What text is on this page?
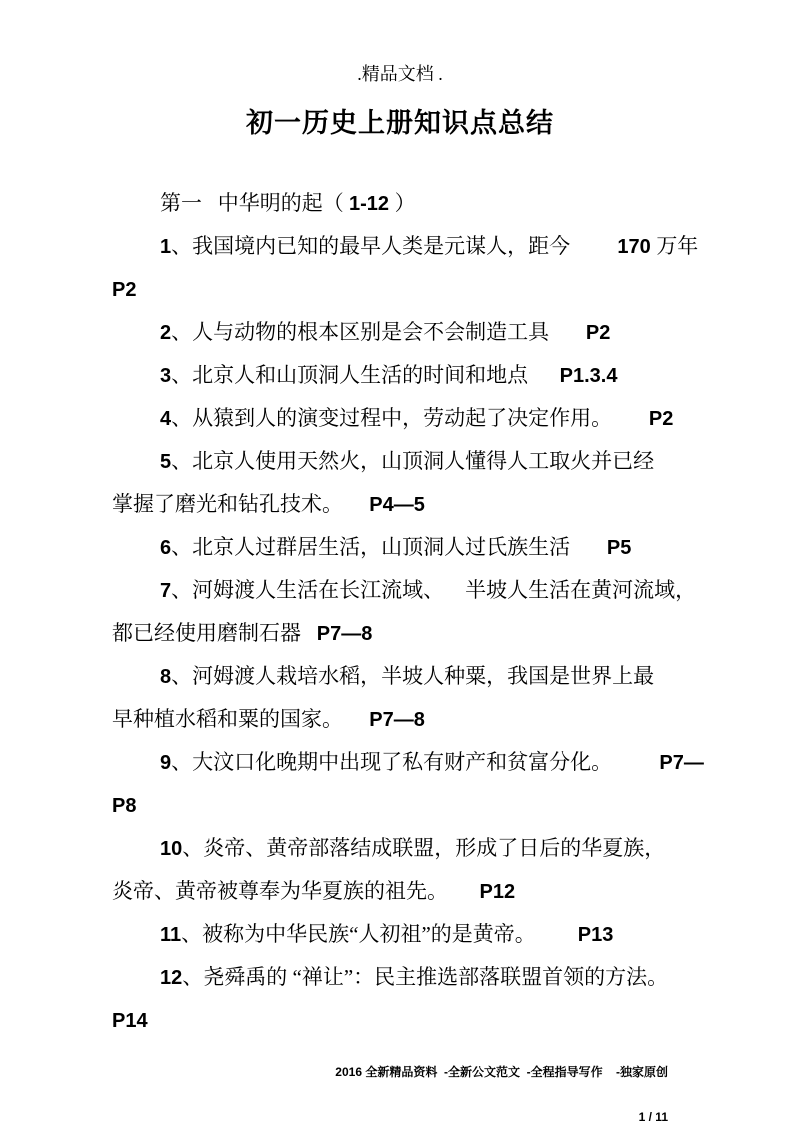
.精品文档 .
初一历史上册知识点总结
第一   中华明的起（ 1-12 ）
1、我国境内已知的最早人类是元谋人，距今         170 万年
P2
2、人与动物的根本区别是会不会制造工具       P2
3、北京人和山顶洞人生活的时间和地点      P1.3.4
4、从猿到人的演变过程中，劳动起了决定作用。       P2
5、北京人使用天然火，山顶洞人懂得人工取火并已经
掌握了磨光和钻孔技术。     P4—5
6、北京人过群居生活，山顶洞人过氏族生活       P5
7、河姆渡人生活在长江流域、    半坡人生活在黄河流域，
都已经使用磨制石器   P7—8
8、河姆渡人栽培水稻，半坡人种粟，我国是世界上最
早种植水稻和粟的国家。     P7—8
9、大汶口化晚期中出现了私有财产和贫富分化。         P7—
P8
10、炎帝、黄帝部落结成联盟，形成了日后的华夏族，
炎帝、黄帝被尊奉为华夏族的祖先。      P12
11、被称为中华民族“人初祖”的是黄帝。        P13
12、尧舜禹的 “禅让”：民主推选部落联盟首领的方法。
P14

2016 全新精品资料  -全新公文范文  -全程指导写作    -独家原创

1 / 11
